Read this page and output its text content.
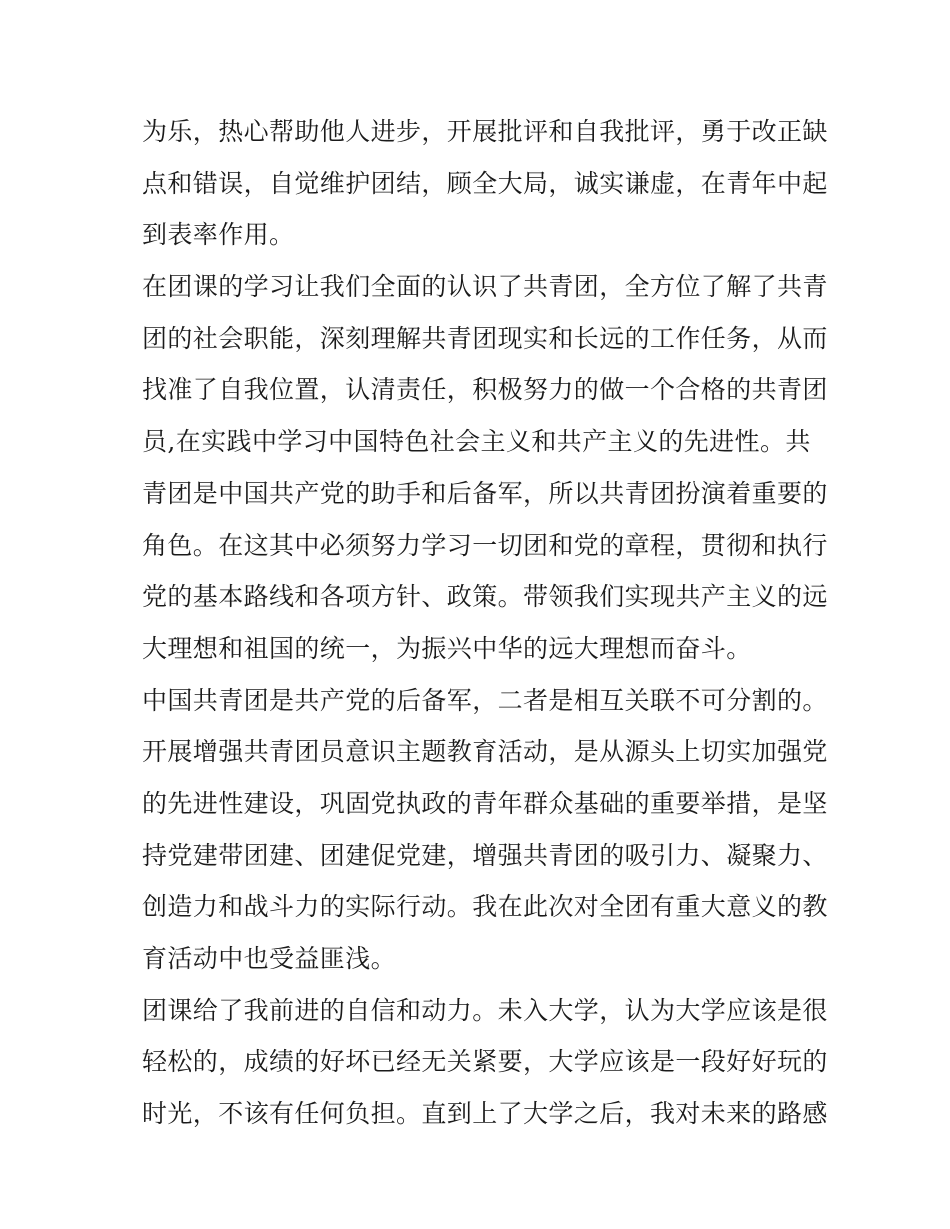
为乐，热心帮助他人进步，开展批评和自我批评，勇于改正缺
点和错误，自觉维护团结，顾全大局，诚实谦虚，在青年中起
到表率作用。
在团课的学习让我们全面的认识了共青团，全方位了解了共青
团的社会职能，深刻理解共青团现实和长远的工作任务，从而
找准了自我位置，认清责任，积极努力的做一个合格的共青团
员,在实践中学习中国特色社会主义和共产主义的先进性。共
青团是中国共产党的助手和后备军，所以共青团扮演着重要的
角色。在这其中必须努力学习一切团和党的章程，贯彻和执行
党的基本路线和各项方针、政策。带领我们实现共产主义的远
大理想和祖国的统一，为振兴中华的远大理想而奋斗。
中国共青团是共产党的后备军，二者是相互关联不可分割的。
开展增强共青团员意识主题教育活动，是从源头上切实加强党
的先进性建设，巩固党执政的青年群众基础的重要举措，是坚
持党建带团建、团建促党建，增强共青团的吸引力、凝聚力、
创造力和战斗力的实际行动。我在此次对全团有重大意义的教
育活动中也受益匪浅。
团课给了我前进的自信和动力。未入大学，认为大学应该是很
轻松的，成绩的好坏已经无关紧要，大学应该是一段好好玩的
时光，不该有任何负担。直到上了大学之后，我对未来的路感
